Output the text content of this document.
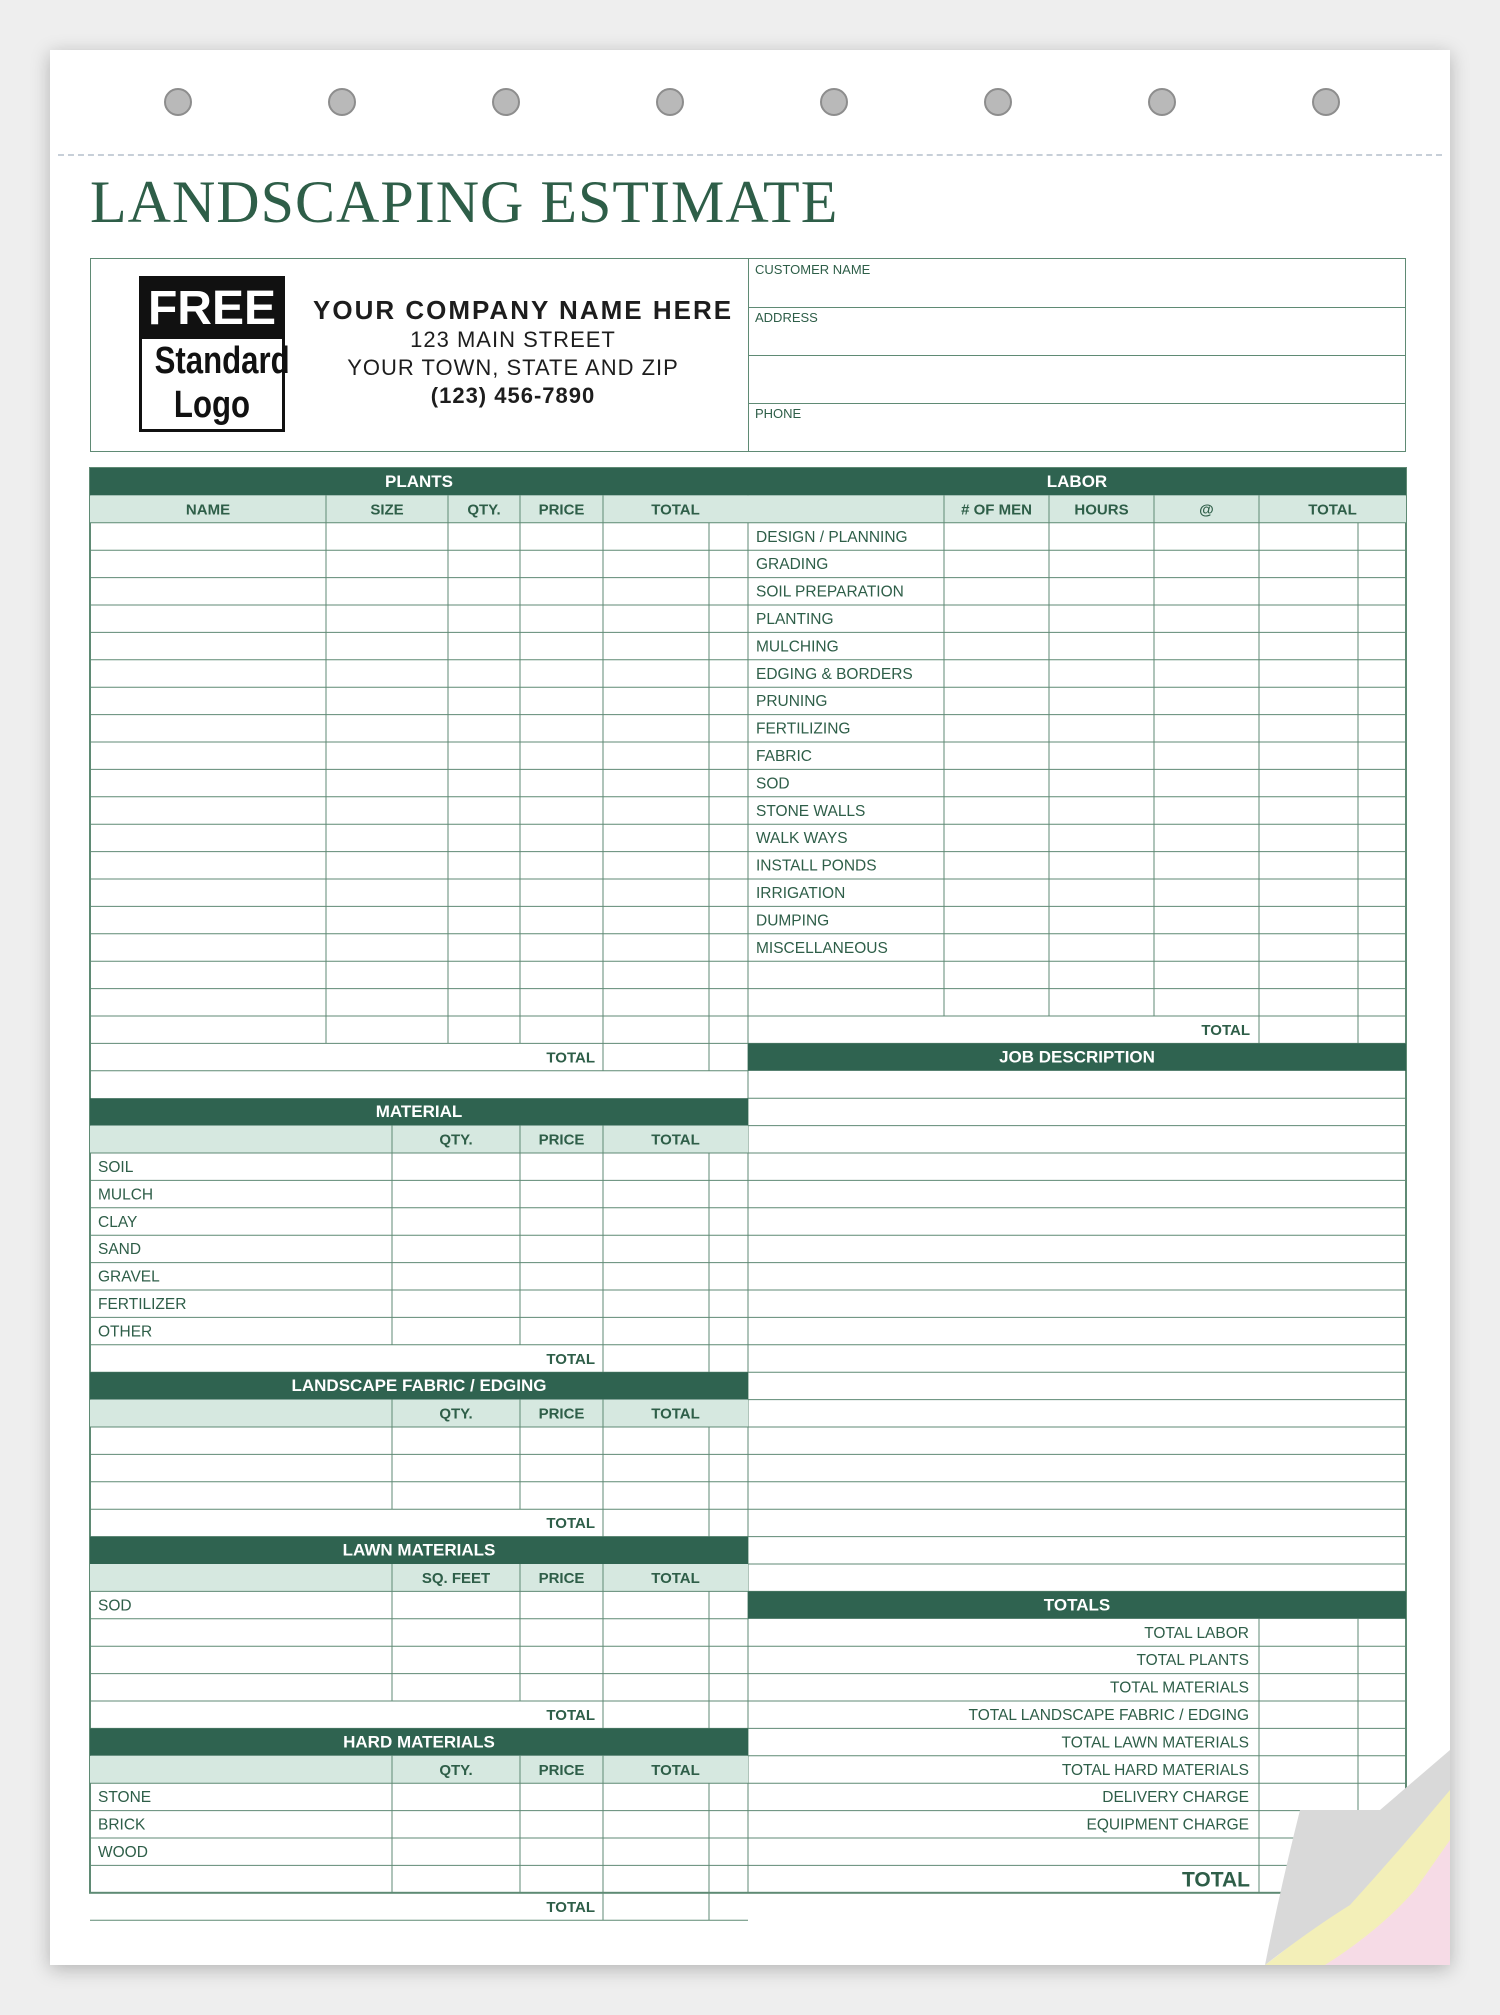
LANDSCAPING ESTIMATE
FREE
Standard
Logo
YOUR COMPANY NAME HERE
123 MAIN STREET
YOUR TOWN, STATE AND ZIP
(123) 456-7890
CUSTOMER NAME
ADDRESS
PHONE
PLANTS
NAME	SIZE	QTY.	PRICE	TOTAL
TOTAL
MATERIAL
QTY.	PRICE	TOTAL
SOIL
MULCH
CLAY
SAND
GRAVEL
FERTILIZER
OTHER
TOTAL
LANDSCAPE FABRIC / EDGING
QTY.	PRICE	TOTAL
TOTAL
LAWN MATERIALS
SQ. FEET	PRICE	TOTAL
SOD
TOTAL
HARD MATERIALS
QTY.	PRICE	TOTAL
STONE
BRICK
WOOD
TOTAL
LABOR
# OF MEN	HOURS	@	TOTAL
DESIGN / PLANNING
GRADING
SOIL PREPARATION
PLANTING
MULCHING
EDGING & BORDERS
PRUNING
FERTILIZING
FABRIC
SOD
STONE WALLS
WALK WAYS
INSTALL PONDS
IRRIGATION
DUMPING
MISCELLANEOUS
TOTAL
JOB DESCRIPTION
TOTALS
TOTAL LABOR
TOTAL PLANTS
TOTAL MATERIALS
TOTAL LANDSCAPE FABRIC / EDGING
TOTAL LAWN MATERIALS
TOTAL HARD MATERIALS
DELIVERY CHARGE
EQUIPMENT CHARGE
TOTAL
